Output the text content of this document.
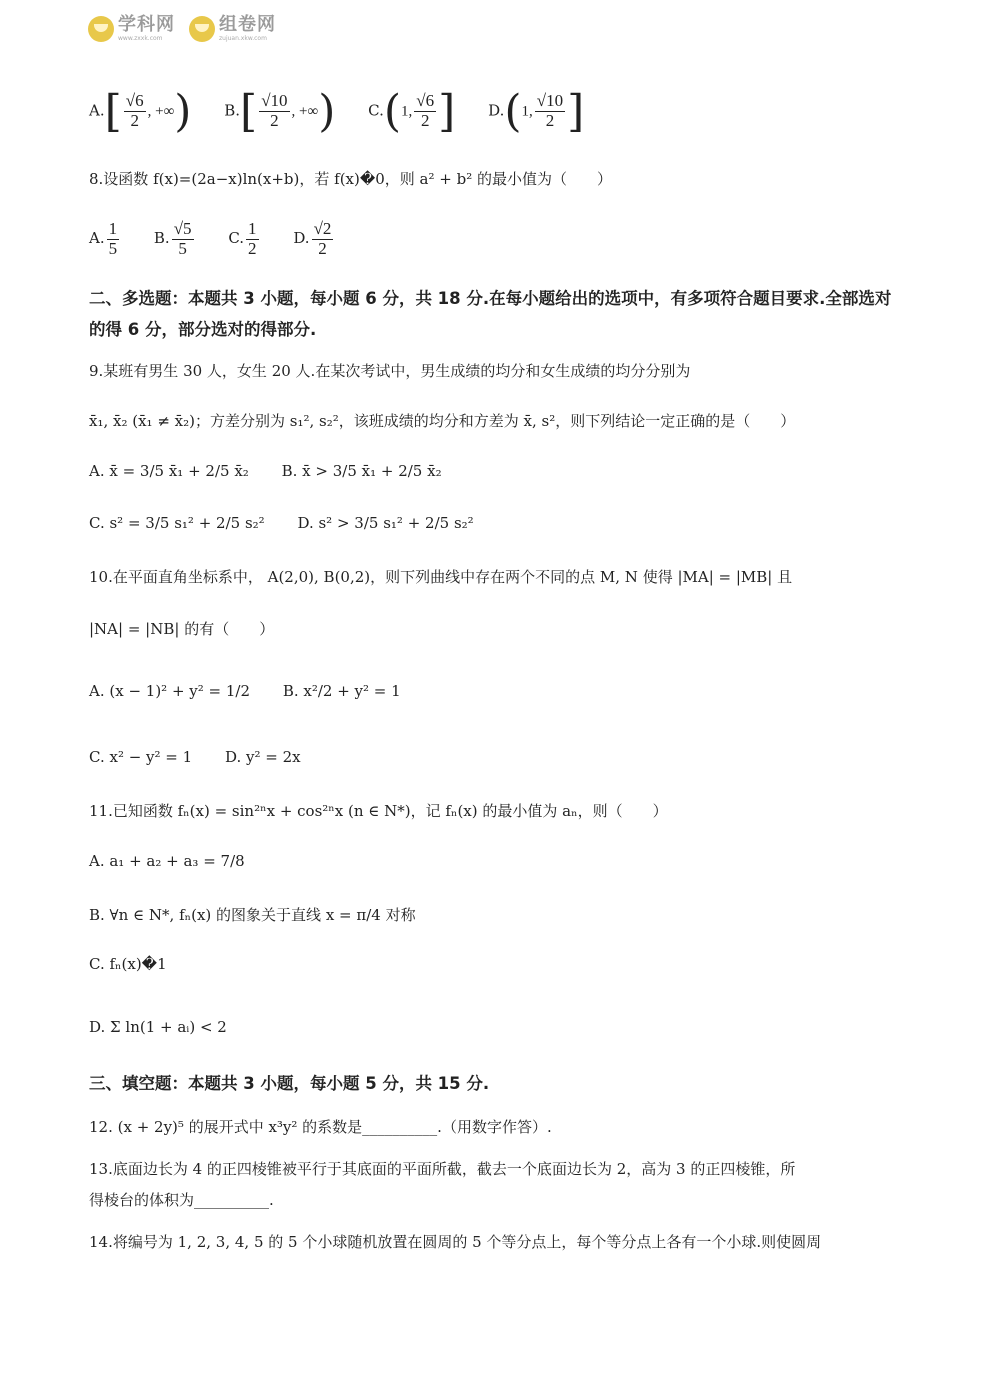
学科网
www.zxxk.com
组卷网
zujuan.xkw.com
$A.[ \frac{√6}{2}$ , +∞) $B.[ \frac{√10}{2}$ , +∞) C.(1, $\frac{√6}{2}$ ] D.(1, $\frac{√10}{2}$ ]
8.设函数 f(x)=(2a−x)ln(x+b)，若 f(x)�0，则 a² + b² 的最小值为（　　）
A. $\frac{1}{5} B$. $\frac{√5}{5} C$. $\frac{1}{2} D$. $\frac{√2}{2}$
二、多选题：本题共 3 小题，每小题 6 分，共 18 分.在每小题给出的选项中，有多项符合题目要求.全部选对的得 6 分，部分选对的得部分.
9.某班有男生 30 人，女生 20 人.在某次考试中，男生成绩的均分和女生成绩的均分分别为
x̄₁, x̄₂ (x̄₁ ≠ x̄₂)；方差分别为 s₁², s₂²，该班成绩的均分和方差为 x̄, s²，则下列结论一定正确的是（　　）
A. x̄ = 3/5 x̄₁ + 2/5 x̄₂ B. x̄ > 3/5 x̄₁ + 2/5 x̄₂
C. s² = 3/5 s₁² + 2/5 s₂² D. s² > 3/5 s₁² + 2/5 s₂²
10.在平面直角坐标系中， A(2,0), B(0,2)，则下列曲线中存在两个不同的点 M, N 使得 |MA| = |MB| 且
|NA| = |NB| 的有（　　）
A. (x − 1)² + y² = 1/2 B. x²/2 + y² = 1
C. x² − y² = 1 D. y² = 2x
11.已知函数 fₙ(x) = sin²ⁿx + cos²ⁿx (n ∈ N*)，记 fₙ(x) 的最小值为 aₙ，则（　　）
A. a₁ + a₂ + a₃ = 7/8
B. ∀n ∈ N*, fₙ(x) 的图象关于直线 x = π/4 对称
C. fₙ(x)�1
D. Σ ln(1 + aᵢ) < 2
三、填空题：本题共 3 小题，每小题 5 分，共 15 分.
12. (x + 2y)⁵ 的展开式中 x³y² 的系数是__________.（用数字作答）.
13.底面边长为 4 的正四棱锥被平行于其底面的平面所截，截去一个底面边长为 2，高为 3 的正四棱锥，所
得棱台的体积为__________.
14.将编号为 1, 2, 3, 4, 5 的 5 个小球随机放置在圆周的 5 个等分点上，每个等分点上各有一个小球.则使圆周
